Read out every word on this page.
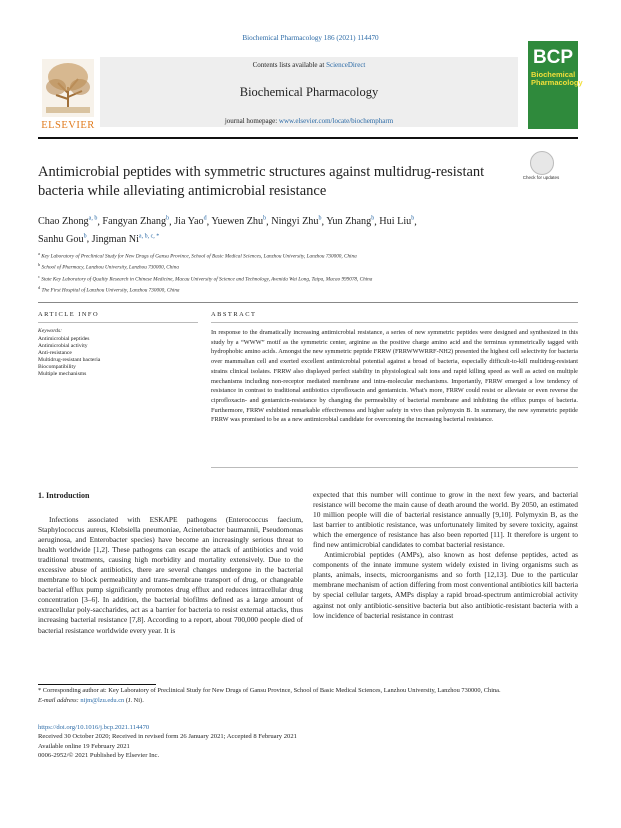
Biochemical Pharmacology 186 (2021) 114470
ELSEVIER
Contents lists available at ScienceDirect
Biochemical Pharmacology
journal homepage: www.elsevier.com/locate/biochempharm
BCP
Biochemical Pharmacology
Antimicrobial peptides with symmetric structures against multidrug-resistant bacteria while alleviating antimicrobial resistance
Check for updates
Chao Zhong$^{a, b}$, Fangyan Zhang$^b$, Jia Yao$^d$, Yuewen Zhu$^b$, Ningyi Zhu$^b$, Yun Zhang$^b$, Hui Liu$^b$,
Sanhu Gou$^b$, Jingman $Ni^{a, b, c, *}$
$^a$ Key Laboratory of Preclinical Study for New Drugs of Gansu Province, School of Basic Medical Sciences, Lanzhou University, Lanzhou 730000, China
$^b$ School of Pharmacy, Lanzhou University, Lanzhou 730000, China
$^c$ State Key Laboratory of Quality Research in Chinese Medicine, Macau University of Science and Technology, Avenida Wai Long, Taipa, Macao 999078, China
$^d$ The First Hospital of Lanzhou University, Lanzhou 730000, China
ARTICLE INFO
Keywords:
Antimicrobial peptides
Antimicrobial activity
Anti-resistance
Multidrug-resistant bacteria
Biocompatibility
Multiple mechanisms
ABSTRACT
In response to the dramatically increasing antimicrobial resistance, a series of new symmetric peptides were designed and synthesized in this study by a “WWW” motif as the symmetric center, arginine as the positive charge amino acid and the terminus symmetrically tagged with hydrophobic amino acids. Amongst the new symmetric peptide FRRW (FRRWWWRRF-NH2) presented the highest cell selectivity for bacteria over mammalian cell and exerted excellent antimicrobial potential against a broad of bacteria, especially difficult-to-kill multidrug-resistant strains clinical isolates. FRRW also displayed perfect stability in physiological salt ions and rapid killing speed as well as acted on multiple mechanisms including non-receptor mediated membrane and intra-molecular mechanisms. Importantly, FRRW emerged a low tendency of resistance in contrast to traditional antibiotics ciprofloxacin and gentamicin. What's more, FRRW could resist or alleviate or even reverse the ciprofloxacin- and gentamicin-resistance by changing the permeability of bacterial membrane and inhibiting the efflux pumps of bacteria. Furthermore, FRRW exhibited remarkable effectiveness and higher safety in vivo than polymyxin B. In summary, the new symmetric peptide FRRW was promised to be as a new antimicrobial candidate for overcoming the increasing bacterial resistance.
1. Introduction

Infections associated with ESKAPE pathogens (Enterococcus faecium, Staphylococcus aureus, Klebsiella pneumoniae, Acinetobacter baumannii, Pseudomonas aeruginosa, and Enterobacter species) have become an increasingly serious threat to health worldwide [1,2]. These pathogens can escape the attack of antibiotics and void traditional treatments, causing high morbidity and mortality extensively. Due to the excessive abuse of antibiotics, there are several changes undergone in the bacterial membrane to block permeability and trans-membrane transport of drug, or changeable bacterial efflux pump significantly promotes drug efflux and reduces intracellular drug concentration [3–6]. In addition, the bacterial biofilms defined as a large amount of extracellular poly-saccharides, act as a barrier for bacteria to resist external attacks, thus increasing bacterial resistance [7,8]. According to a report, about 700,000 people died of bacterial resistance worldwide every year. It is

expected that this number will continue to grow in the next few years, and bacterial resistance will become the main cause of death around the world. By 2050, an estimated 10 million people will die of bacterial resistance annually [9,10]. Polymyxin B, as the last barrier to antibiotic resistance, was unfortunately limited by severe toxicity, against which the emergence of resistance has also been reported [11]. It therefore is urgent to find new antimicrobial candidates to combat bacterial resistance.

Antimicrobial peptides (AMPs), also known as host defense peptides, acted as components of the innate immune system widely existed in living organisms such as plants, animals, insects, microorganisms and so forth [12,13]. Due to the particular membrane mechanism of action differing from most conventional antibiotics kill bacteria by special cellular targets, AMPs display a rapid broad-spectrum antimicrobial activity against not only antibiotic-sensitive bacteria but also antibiotic-resistant bacteria with a low incidence of bacterial resistance in contrast

* Corresponding author at: Key Laboratory of Preclinical Study for New Drugs of Gansu Province, School of Basic Medical Sciences, Lanzhou University, Lanzhou 730000, China.
E-mail address: nijm@lzu.edu.cn (J. Ni).
https://doi.org/10.1016/j.bcp.2021.114470
Received 30 October 2020; Received in revised form 26 January 2021; Accepted 8 February 2021
Available online 19 February 2021
0006-2952/© 2021 Published by Elsevier Inc.
